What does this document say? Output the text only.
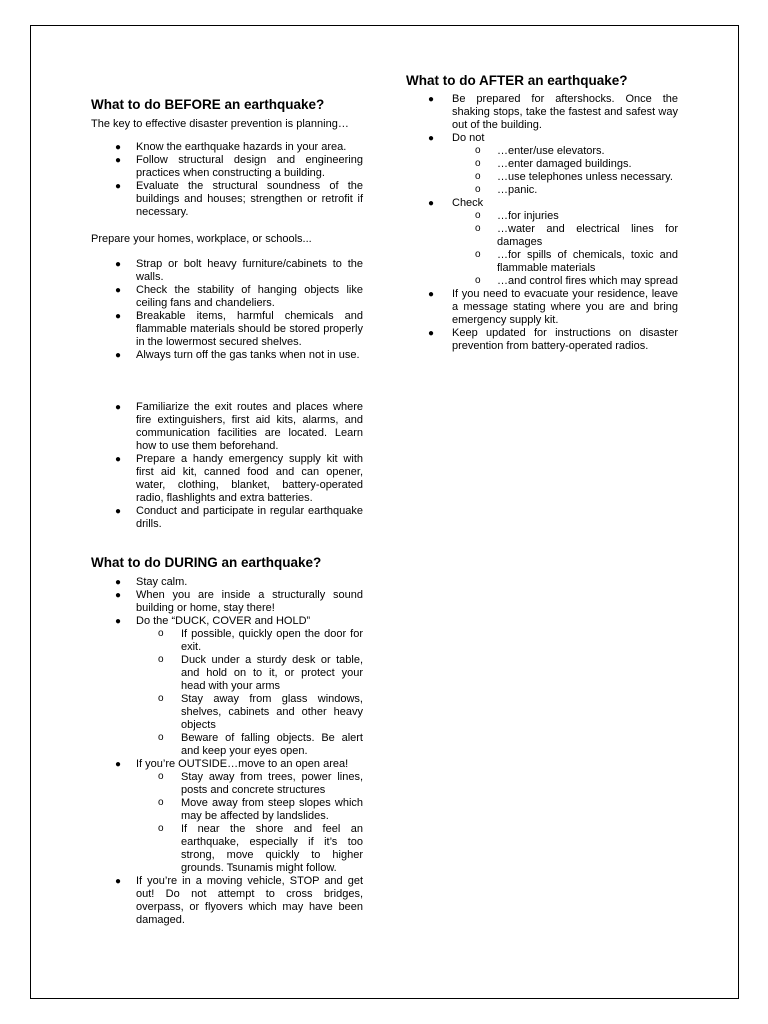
What to do BEFORE an earthquake?

The key to effective disaster prevention is planning…

● Know the earthquake hazards in your area.
● Follow structural design and engineering practices when constructing a building.
● Evaluate the structural soundness of the buildings and houses; strengthen or retrofit if necessary.

Prepare your homes, workplace, or schools...

● Strap or bolt heavy furniture/cabinets to the walls.
● Check the stability of hanging objects like ceiling fans and chandeliers.
● Breakable items, harmful chemicals and flammable materials should be stored properly in the lowermost secured shelves.
● Always turn off the gas tanks when not in use.
● Familiarize the exit routes and places where fire extinguishers, first aid kits, alarms, and communication facilities are located. Learn how to use them beforehand.
● Prepare a handy emergency supply kit with first aid kit, canned food and can opener, water, clothing, blanket, battery-operated radio, flashlights and extra batteries.
● Conduct and participate in regular earthquake drills.
What to do DURING an earthquake?
● Stay calm.
● When you are inside a structurally sound building or home, stay there!
● Do the “DUCK, COVER and HOLD”
o If possible, quickly open the door for exit.
o Duck under a sturdy desk or table, and hold on to it, or protect your head with your arms
o Stay away from glass windows, shelves, cabinets and other heavy objects
o Beware of falling objects. Be alert and keep your eyes open.
● If you’re OUTSIDE…move to an open area!
o Stay away from trees, power lines, posts and concrete structures
o Move away from steep slopes which may be affected by landslides.
o If near the shore and feel an earthquake, especially if it’s too strong, move quickly to higher grounds. Tsunamis might follow.
● If you’re in a moving vehicle, STOP and get out! Do not attempt to cross bridges, overpass, or flyovers which may have been damaged.
What to do AFTER an earthquake?
● Be prepared for aftershocks. Once the shaking stops, take the fastest and safest way out of the building.
● Do not
o …enter/use elevators.
o …enter damaged buildings.
o …use telephones unless necessary.
o …panic.
● Check
o …for injuries
o …water and electrical lines for damages
o …for spills of chemicals, toxic and flammable materials
o …and control fires which may spread
● If you need to evacuate your residence, leave a message stating where you are and bring emergency supply kit.
● Keep updated for instructions on disaster prevention from battery-operated radios.
